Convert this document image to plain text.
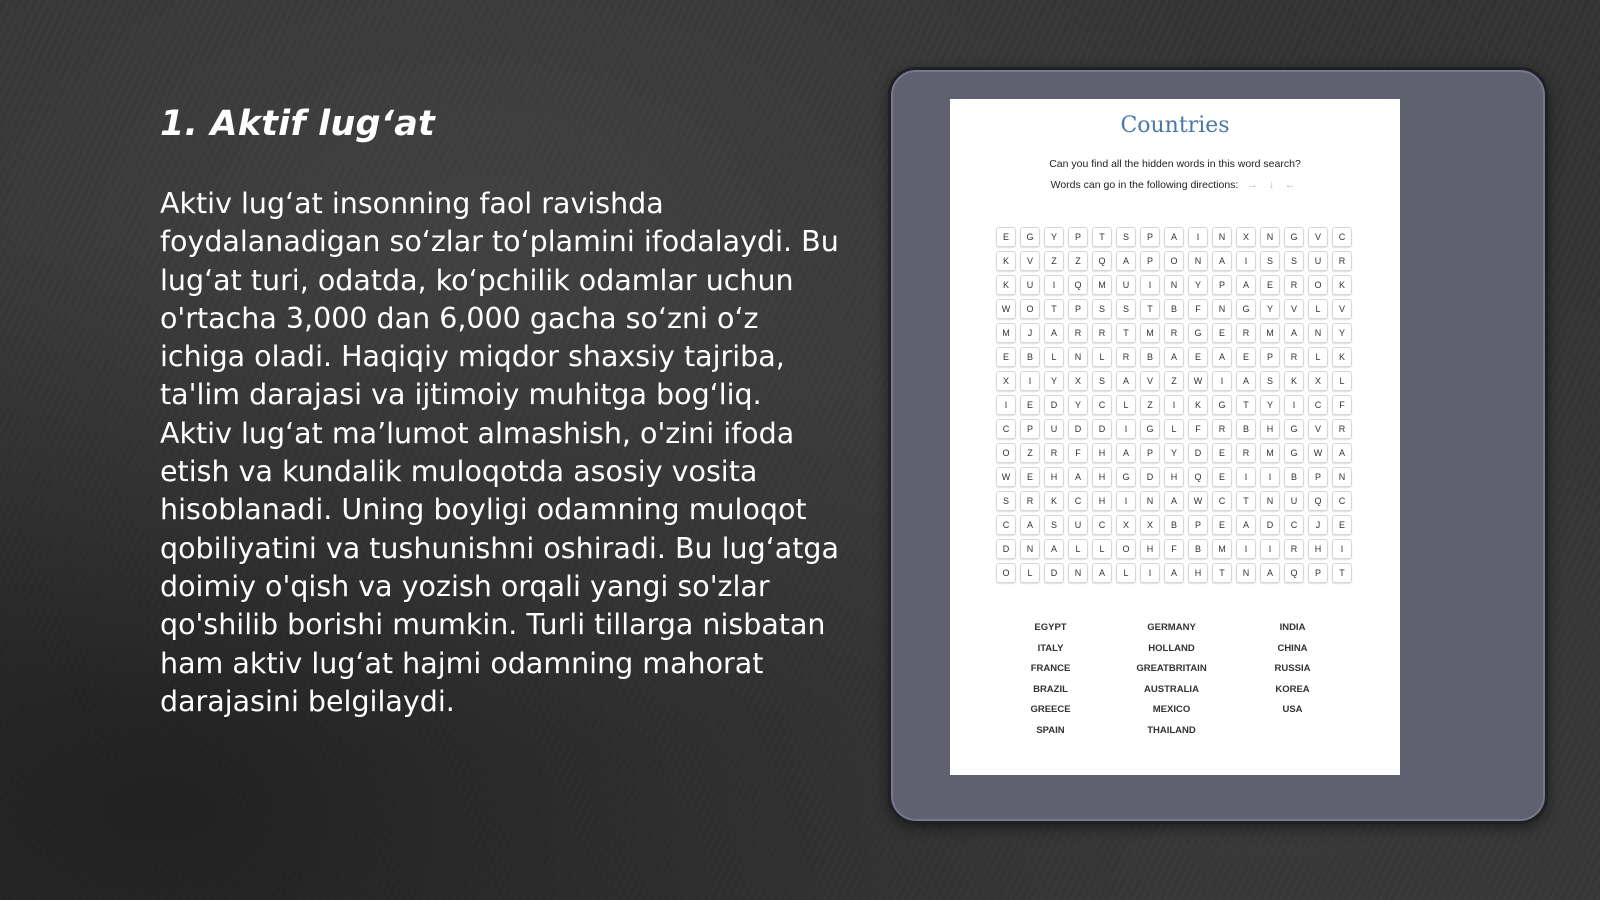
1. Aktif lug‘at

Aktiv lug‘at insonning faol ravishda foydalanadigan so‘zlar to‘plamini ifodalaydi. Bu lug‘at turi, odatda, ko‘pchilik odamlar uchun o'rtacha 3,000 dan 6,000 gacha so‘zni o‘z ichiga oladi. Haqiqiy miqdor shaxsiy tajriba, ta'lim darajasi va ijtimoiy muhitga bog‘liq. Aktiv lug‘at ma’lumot almashish, o'zini ifoda etish va kundalik muloqotda asosiy vosita hisoblanadi. Uning boyligi odamning muloqot qobiliyatini va tushunishni oshiradi. Bu lug‘atga doimiy o'qish va yozish orqali yangi so'zlar qo'shilib borishi mumkin. Turli tillarga nisbatan ham aktiv lug‘at hajmi odamning mahorat darajasini belgilaydi.

Countries
Can you find all the hidden words in this word search?
Words can go in the following directions: → ↓ ←
E	G	Y	P	T	S	P	A	I	N	X	N	G	V	C
K	V	Z	Z	Q	A	P	O	N	A	I	S	S	U	R
K	U	I	Q	M	U	I	N	Y	P	A	E	R	O	K
W	O	T	P	S	S	T	B	F	N	G	Y	V	L	V
M	J	A	R	R	T	M	R	G	E	R	M	A	N	Y
E	B	L	N	L	R	B	A	E	A	E	P	R	L	K
X	I	Y	X	S	A	V	Z	W	I	A	S	K	X	L
I	E	D	Y	C	L	Z	I	K	G	T	Y	I	C	F
C	P	U	D	D	I	G	L	F	R	B	H	G	V	R
O	Z	R	F	H	A	P	Y	D	E	R	M	G	W	A
W	E	H	A	H	G	D	H	Q	E	I	I	B	P	N
S	R	K	C	H	I	N	A	W	C	T	N	U	Q	C
C	A	S	U	C	X	X	B	P	E	A	D	C	J	E
D	N	A	L	L	O	H	F	B	M	I	I	R	H	I
O	L	D	N	A	L	I	A	H	T	N	A	Q	P	T
EGYPT	GERMANY	INDIA
ITALY	HOLLAND	CHINA
FRANCE	GREATBRITAIN	RUSSIA
BRAZIL	AUSTRALIA	KOREA
GREECE	MEXICO	USA
SPAIN	THAILAND
